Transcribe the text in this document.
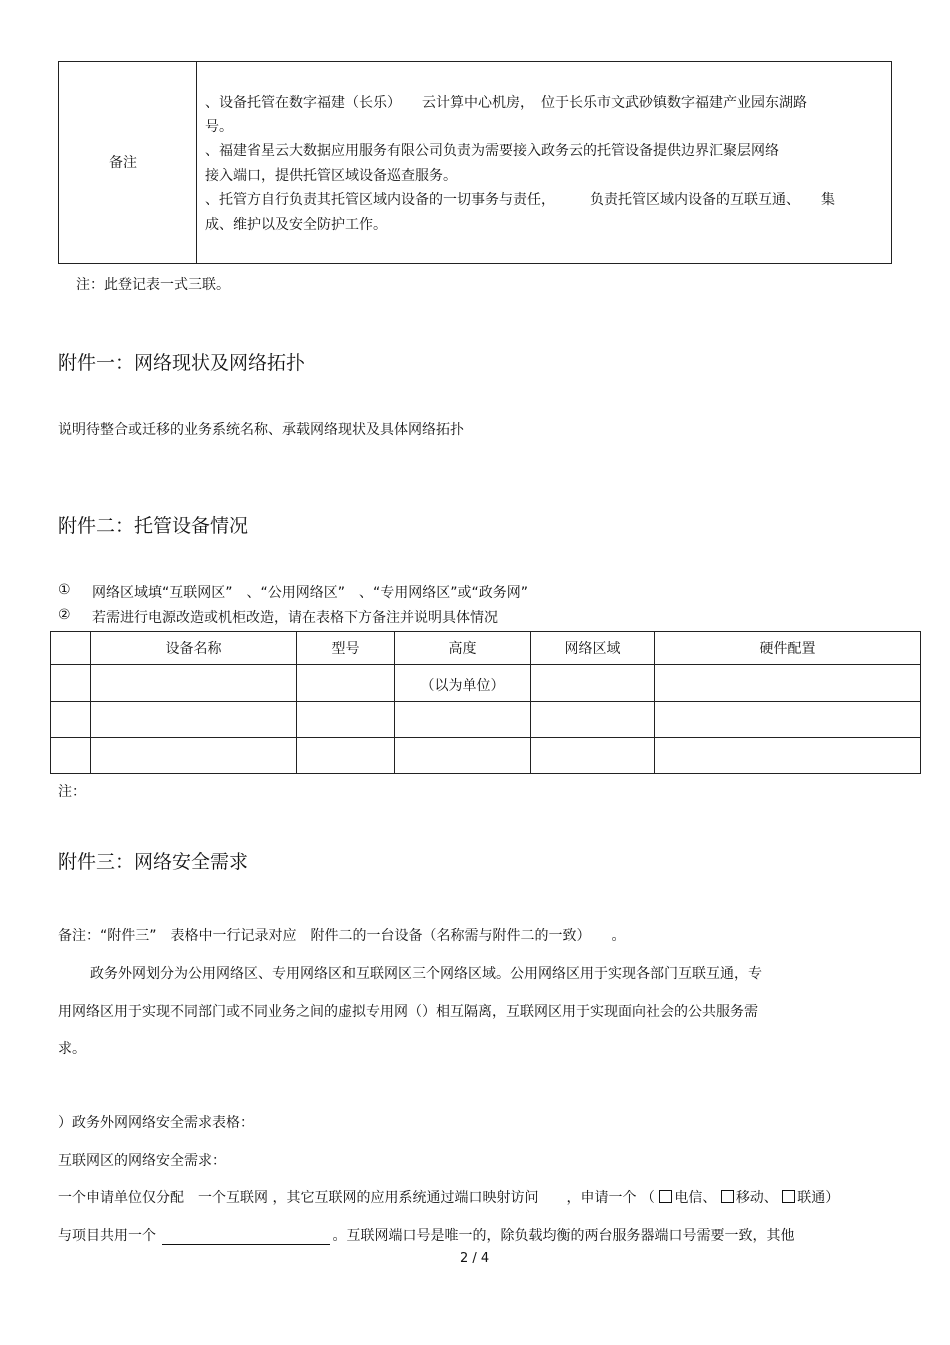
备注
、设备托管在数字福建（长乐）　　云计算中心机房，　位于长乐市文武砂镇数字福建产业园东湖路
号。
、福建省星云大数据应用服务有限公司负责为需要接入政务云的托管设备提供边界汇聚层网络
接入端口，提供托管区域设备巡查服务。
、托管方自行负责其托管区域内设备的一切事务与责任，　　　负责托管区域内设备的互联互通、　　集
成、维护以及安全防护工作。
注：此登记表一式三联。
附件一：网络现状及网络拓扑
说明待整合或迁移的业务系统名称、承载网络现状及具体网络拓扑
附件二：托管设备情况
① 网络区域填“互联网区”　、“公用网络区”　、“专用网络区”或“政务网”
② 若需进行电源改造或机柜改造，请在表格下方备注并说明具体情况
	设备名称	型号	高度	网络区域	硬件配置
			（以为单位）		

注：
附件三：网络安全需求
备注：“附件三”　表格中一行记录对应　附件二的一台设备（名称需与附件二的一致）　　。
政务外网划分为公用网络区、专用网络区和互联网区三个网络区域。公用网络区用于实现各部门互联互通，专
用网络区用于实现不同部门或不同业务之间的虚拟专用网（）相互隔离，互联网区用于实现面向社会的公共服务需
求。
）政务外网网络安全需求表格：
互联网区的网络安全需求：
一个申请单位仅分配　一个互联网 ，其它互联网的应用系统通过端口映射访问　　，申请一个 （ 电信、 移动、 联通）
与项目共用一个	。互联网端口号是唯一的，除负载均衡的两台服务器端口号需要一致，其他
2 / 4
